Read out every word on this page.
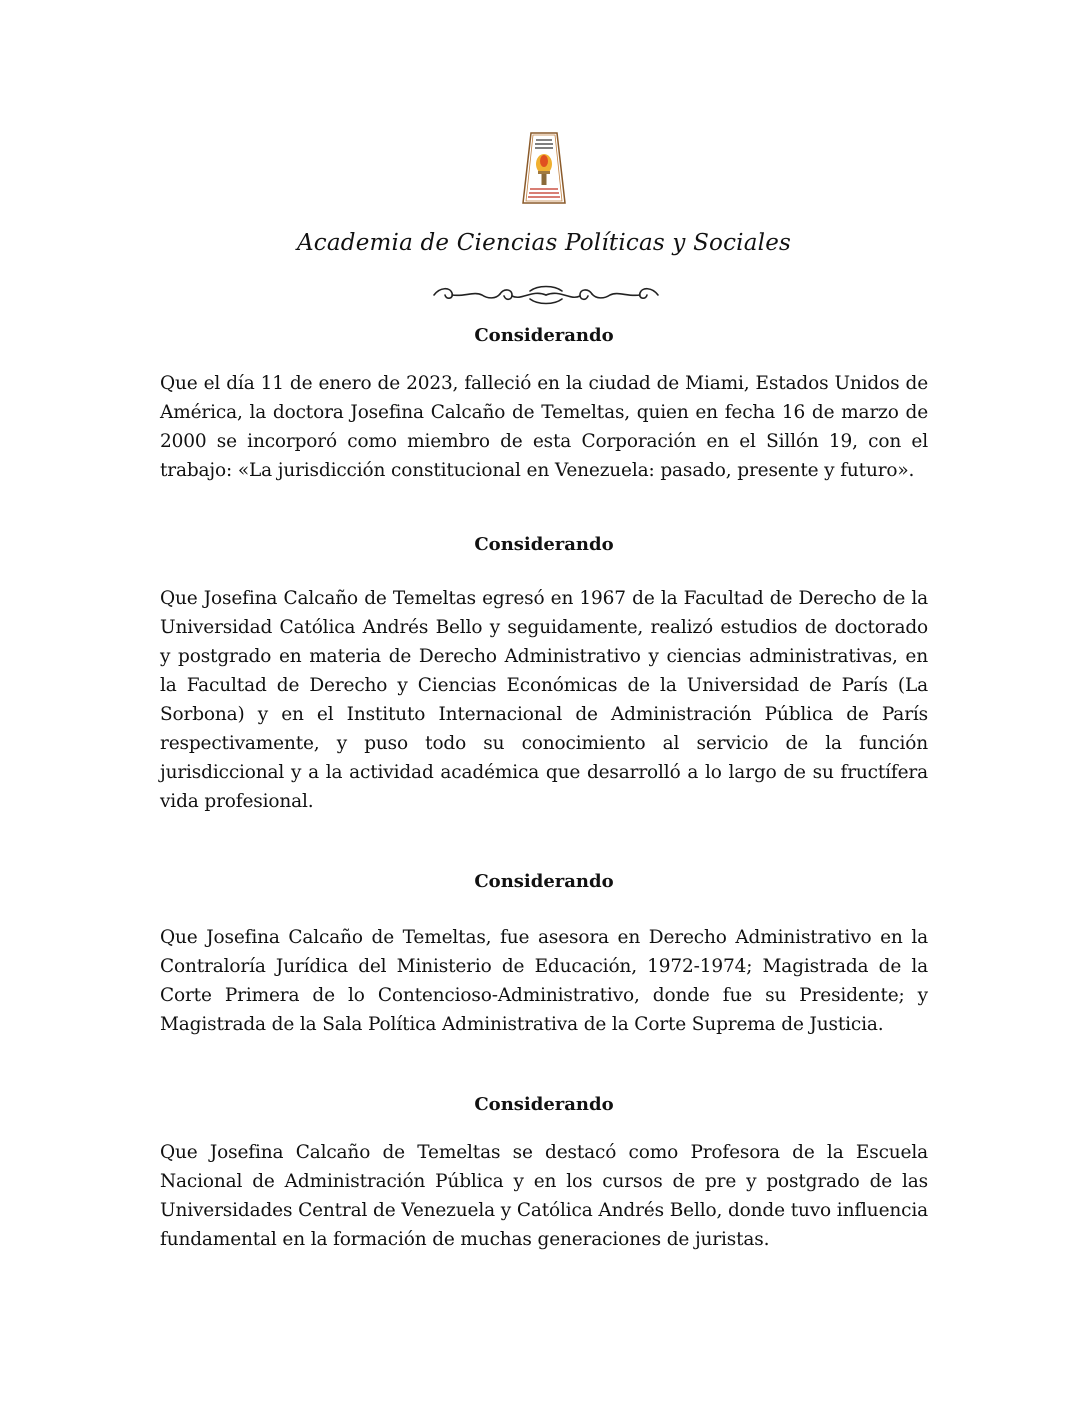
Academia de Ciencias Políticas y Sociales
Considerando

Que el día 11 de enero de 2023, falleció en la ciudad de Miami, Estados Unidos de América, la doctora Josefina Calcaño de Temeltas, quien en fecha 16 de marzo de 2000 se incorporó como miembro de esta Corporación en el Sillón 19, con el trabajo: «La jurisdicción constitucional en Venezuela: pasado, presente y futuro».

Considerando

Que Josefina Calcaño de Temeltas egresó en 1967 de la Facultad de Derecho de la Universidad Católica Andrés Bello y seguidamente, realizó estudios de doctorado y postgrado en materia de Derecho Administrativo y ciencias administrativas, en la Facultad de Derecho y Ciencias Económicas de la Universidad de París (La Sorbona) y en el Instituto Internacional de Administración Pública de París respectivamente, y puso todo su conocimiento al servicio de la función jurisdiccional y a la actividad académica que desarrolló a lo largo de su fructífera vida profesional.

Considerando

Que Josefina Calcaño de Temeltas, fue asesora en Derecho Administrativo en la Contraloría Jurídica del Ministerio de Educación, 1972-1974; Magistrada de la Corte Primera de lo Contencioso-Administrativo, donde fue su Presidente; y Magistrada de la Sala Política Administrativa de la Corte Suprema de Justicia.

Considerando

Que Josefina Calcaño de Temeltas se destacó como Profesora de la Escuela Nacional de Administración Pública y en los cursos de pre y postgrado de las Universidades Central de Venezuela y Católica Andrés Bello, donde tuvo influencia fundamental en la formación de muchas generaciones de juristas.
